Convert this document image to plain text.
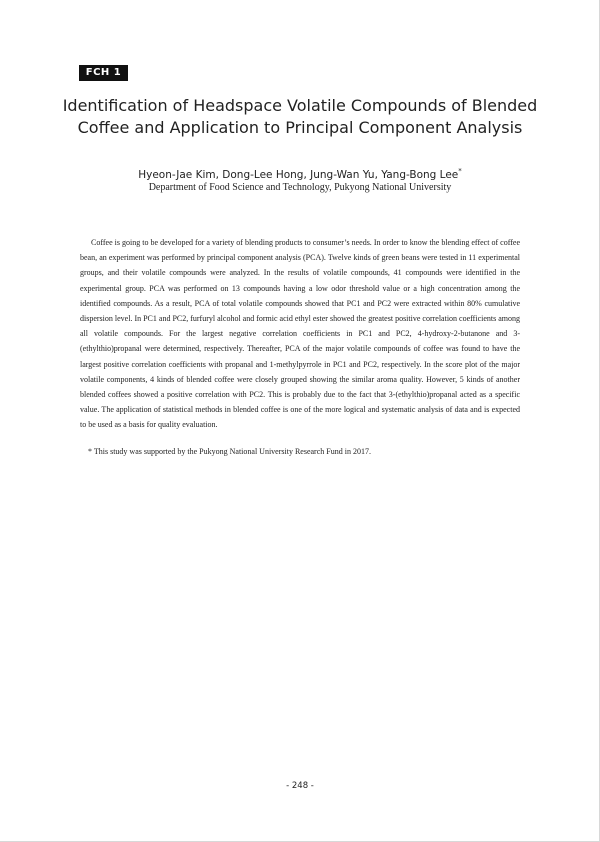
FCH 1
Identification of Headspace Volatile Compounds of Blended
Coffee and Application to Principal Component Analysis
Hyeon-Jae Kim, Dong-Lee Hong, Jung-Wan Yu, Yang-Bong Lee*
Department of Food Science and Technology, Pukyong National University

Coffee is going to be developed for a variety of blending products to consumer’s needs. In order to know the blending effect of coffee bean, an experiment was performed by principal component analysis (PCA). Twelve kinds of green beans were tested in 11 experimental groups, and their volatile compounds were analyzed. In the results of volatile compounds, 41 compounds were identified in the experimental group. PCA was performed on 13 compounds having a low odor threshold value or a high concentration among the identified compounds. As a result, PCA of total volatile compounds showed that PC1 and PC2 were extracted within 80% cumulative dispersion level. In PC1 and PC2, furfuryl alcohol and formic acid ethyl ester showed the greatest positive correlation coefficients among all volatile compounds. For the largest negative correlation coefficients in PC1 and PC2, 4-hydroxy-2-butanone and 3-(ethylthio)propanal were determined, respectively. Thereafter, PCA of the major volatile compounds of coffee was found to have the largest positive correlation coefficients with propanal and 1-methylpyrrole in PC1 and PC2, respectively. In the score plot of the major volatile components, 4 kinds of blended coffee were closely grouped showing the similar aroma quality. However, 5 kinds of another blended coffees showed a positive correlation with PC2. This is probably due to the fact that 3-(ethylthio)propanal acted as a specific value. The application of statistical methods in blended coffee is one of the more logical and systematic analysis of data and is expected to be used as a basis for quality evaluation.

* This study was supported by the Pukyong National University Research Fund in 2017.
- 248 -
